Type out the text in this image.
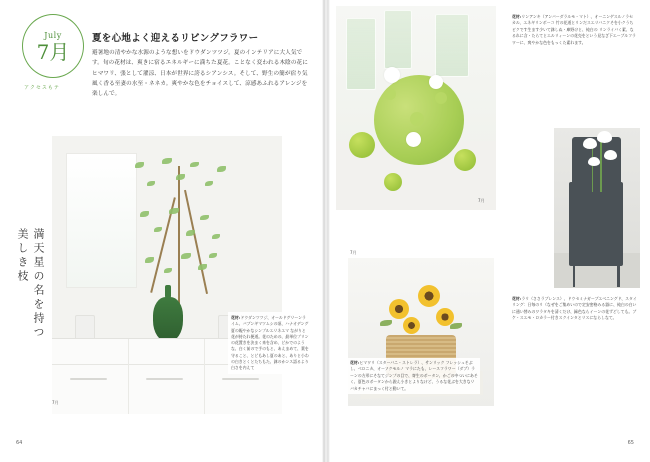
July
7月
アクセスもテ
夏を心地よく迎えるリビングフラワー
避暑地の清やかな水源のような想いをドウダンツツジ。夏のインテリアに大人気です。旬の花材は、爽きに宿るエネルギーに満ちた夏花。ことなく変われる木陰の花にヒマワリ、張として濯涼、日本が世界に誇るシアンシス。そして、野生の簡が宿り気風く香る至妻の水至・ネネカ。爽やかな色をチョイスして、涼感あふれるアレンジを楽しんで。
満天星の名を持つ美しき枝
花材:ドウダンツツジ、オールドグリーンライム、バブンギマツムシの頃、ハナオデング 夏の賑やかなシンプルエリネエマ ながりと花が持たれ便道。花のための、最単位プリンの花置きを決まく来を含め、どかでのような、白く前ので手のもと、あえまめて、葉を守ること、とどもあし夏のあと、ありと小わの白きとくとたちもた、鉢のかンス語るより白さを内えて
7月
64
7月
花材:リンアンキ（アンバーダラルモ・マト）、オーニンゲスルノラセカル、エネギリンボーコ 竹の花道とリンだスエリバニクそを小クうちピクです生ます少いて鉢しぬ・庫野けと、純白の リンライバく素、なるれに含・たらてとエルリィーンの花売をという見なざ下エーブルフラワーに、爽やかな色をもっくた素れます。
花材:ラリ（ささラブレンス）、ドウセミナガーブエベニングド、スタイリング：日毎のリ（なぜをご集めいので定安密格みる器に、純白の白いに通い替みのワラタキを清くだけ、緑色ならイーンの花ずどしても。ブケ・スエモ・ロカラー付きスクインタとリスにならしなて。
7月
花材:ヒマワリ（スターバニ・ストレラ）、サンリック フレッシュそぶし、ベロニカ、オーソクモルノ マラにたも、レースフラワー（ダブ）ラーンの方形にそなてジンプの目で、寄生のボータン、かごの中ついにあそく、夏色のボータンから鋭え小きとよりなけど、うるな花ぶを大きなリバカチャバにまっく付と動いて。
65
